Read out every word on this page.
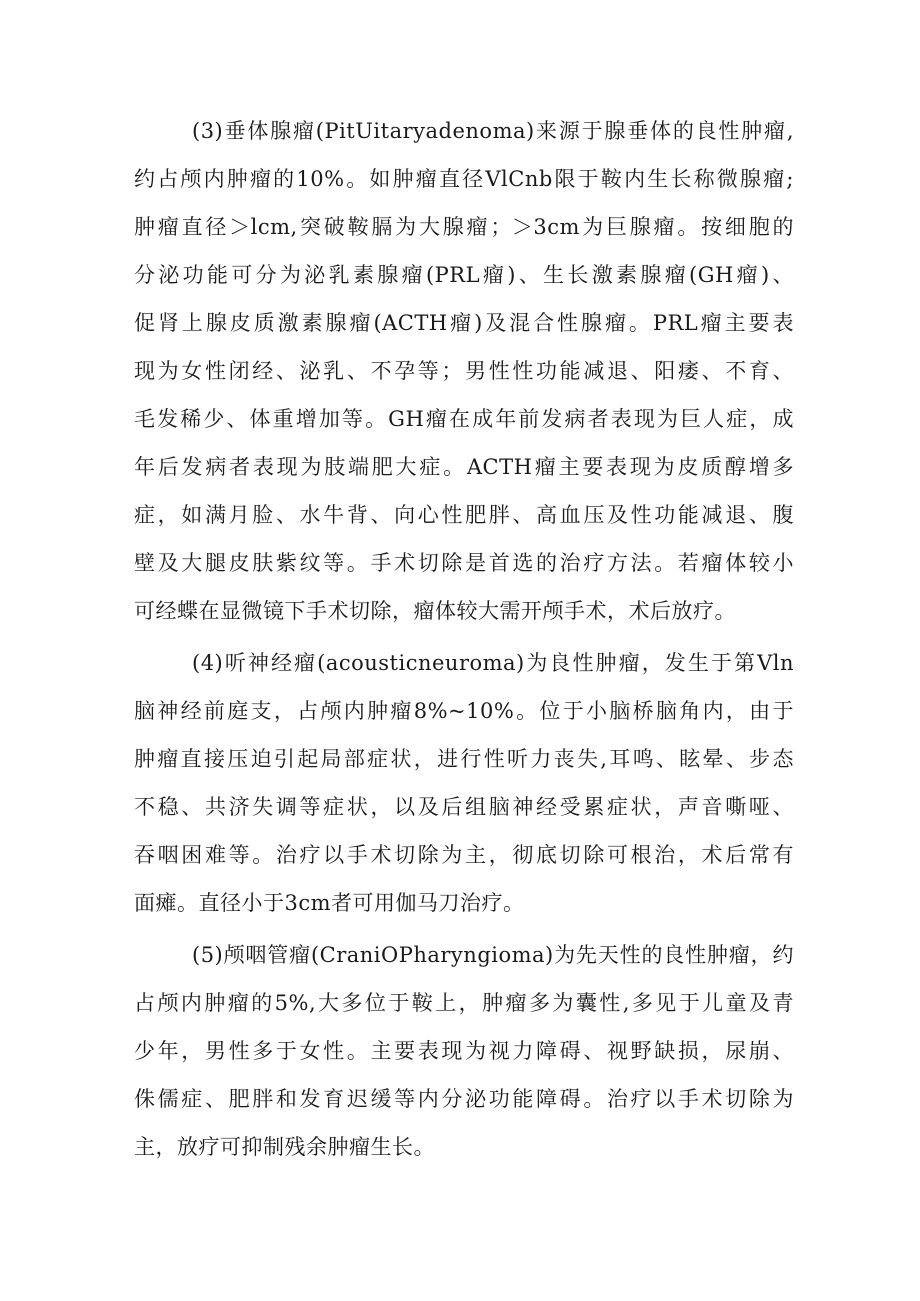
(3)垂体腺瘤(PitUitaryadenoma)来源于腺垂体的良性肿瘤,
约占颅内肿瘤的10%。如肿瘤直径VlCnb限于鞍内生长称微腺瘤;
肿瘤直径＞lcm,突破鞍膈为大腺瘤；＞3cm为巨腺瘤。按细胞的
分泌功能可分为泌乳素腺瘤(PRL瘤)、生长激素腺瘤(GH瘤)、
促肾上腺皮质激素腺瘤(ACTH瘤)及混合性腺瘤。PRL瘤主要表
现为女性闭经、泌乳、不孕等；男性性功能减退、阳痿、不育、
毛发稀少、体重增加等。GH瘤在成年前发病者表现为巨人症，成
年后发病者表现为肢端肥大症。ACTH瘤主要表现为皮质醇增多
症，如满月脸、水牛背、向心性肥胖、高血压及性功能减退、腹
壁及大腿皮肤紫纹等。手术切除是首选的治疗方法。若瘤体较小
可经蝶在显微镜下手术切除，瘤体较大需开颅手术，术后放疗。
(4)听神经瘤(acousticneuroma)为良性肿瘤，发生于第Vln
脑神经前庭支，占颅内肿瘤8%~10%。位于小脑桥脑角内，由于
肿瘤直接压迫引起局部症状，进行性听力丧失,耳鸣、眩晕、步态
不稳、共济失调等症状，以及后组脑神经受累症状，声音嘶哑、
吞咽困难等。治疗以手术切除为主，彻底切除可根治，术后常有
面瘫。直径小于3cm者可用伽马刀治疗。
(5)颅咽管瘤(CraniOPharyngioma)为先天性的良性肿瘤，约
占颅内肿瘤的5%,大多位于鞍上，肿瘤多为囊性,多见于儿童及青
少年，男性多于女性。主要表现为视力障碍、视野缺损，尿崩、
侏儒症、肥胖和发育迟缓等内分泌功能障碍。治疗以手术切除为
主，放疗可抑制残余肿瘤生长。
